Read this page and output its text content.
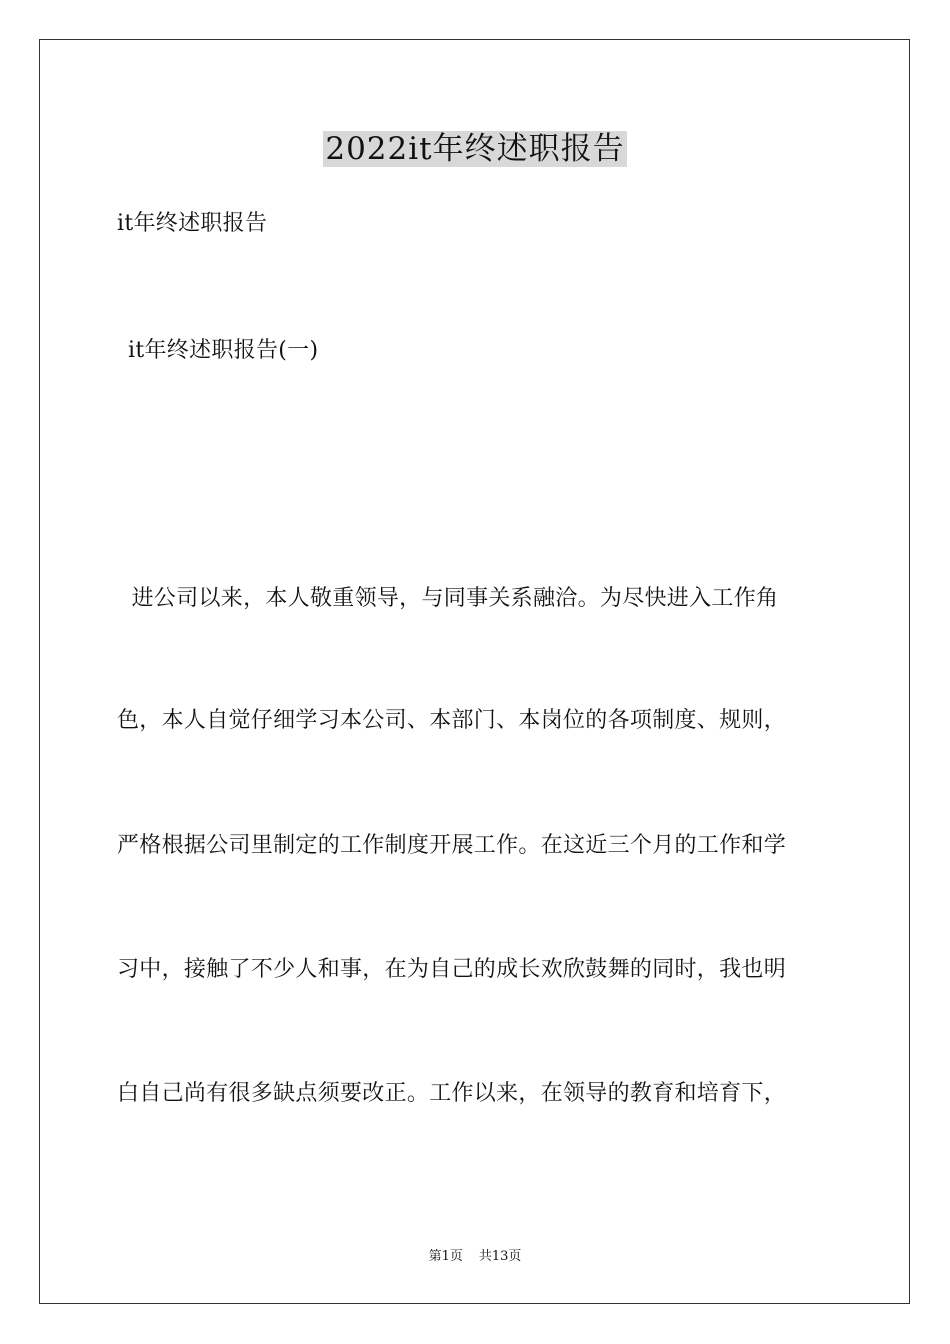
2022it年终述职报告
it年终述职报告
it年终述职报告(一)
进公司以来，本人敬重领导，与同事关系融洽。为尽快进入工作角
色，本人自觉仔细学习本公司、本部门、本岗位的各项制度、规则，
严格根据公司里制定的工作制度开展工作。在这近三个月的工作和学
习中，接触了不少人和事，在为自己的成长欢欣鼓舞的同时，我也明
白自己尚有很多缺点须要改正。工作以来，在领导的教育和培育下，
第1页 共13页
